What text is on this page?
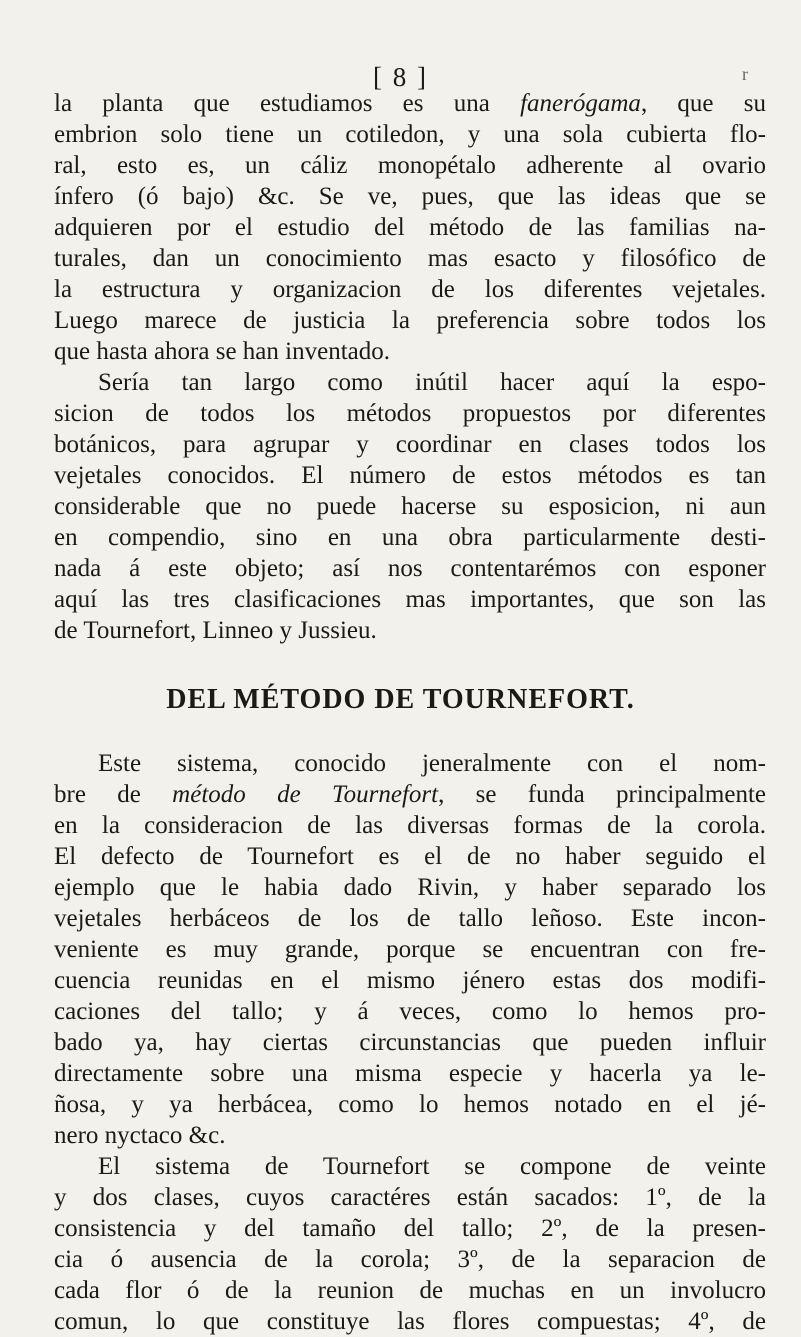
[ 8 ]	r
la planta que estudiamos es una fanerógama, que su
embrion solo tiene un cotiledon, y una sola cubierta flo-
ral, esto es, un cáliz monopétalo adherente al ovario
ínfero (ó bajo) &c. Se ve, pues, que las ideas que se
adquieren por el estudio del método de las familias na-
turales, dan un conocimiento mas esacto y filosófico de
la estructura y organizacion de los diferentes vejetales.
Luego marece de justicia la preferencia sobre todos los
que hasta ahora se han inventado.
Sería tan largo como inútil hacer aquí la espo-
sicion de todos los métodos propuestos por diferentes
botánicos, para agrupar y coordinar en clases todos los
vejetales conocidos. El número de estos métodos es tan
considerable que no puede hacerse su esposicion, ni aun
en compendio, sino en una obra particularmente desti-
nada á este objeto; así nos contentarémos con esponer
aquí las tres clasificaciones mas importantes, que son las
de Tournefort, Linneo y Jussieu.
DEL MÉTODO DE TOURNEFORT.
Este sistema, conocido jeneralmente con el nom-
bre de método de Tournefort, se funda principalmente
en la consideracion de las diversas formas de la corola.
El defecto de Tournefort es el de no haber seguido el
ejemplo que le habia dado Rivin, y haber separado los
vejetales herbáceos de los de tallo leñoso. Este incon-
veniente es muy grande, porque se encuentran con fre-
cuencia reunidas en el mismo jénero estas dos modifi-
caciones del tallo; y á veces, como lo hemos pro-
bado ya, hay ciertas circunstancias que pueden influir
directamente sobre una misma especie y hacerla ya le-
ñosa, y ya herbácea, como lo hemos notado en el jé-
nero nyctaco &c.
El sistema de Tournefort se compone de veinte
y dos clases, cuyos caractéres están sacados: 1º, de la
consistencia y del tamaño del tallo; 2º, de la presen-
cia ó ausencia de la corola; 3º, de la separacion de
cada flor ó de la reunion de muchas en un involucro
comun, lo que constituye las flores compuestas; 4º, de
